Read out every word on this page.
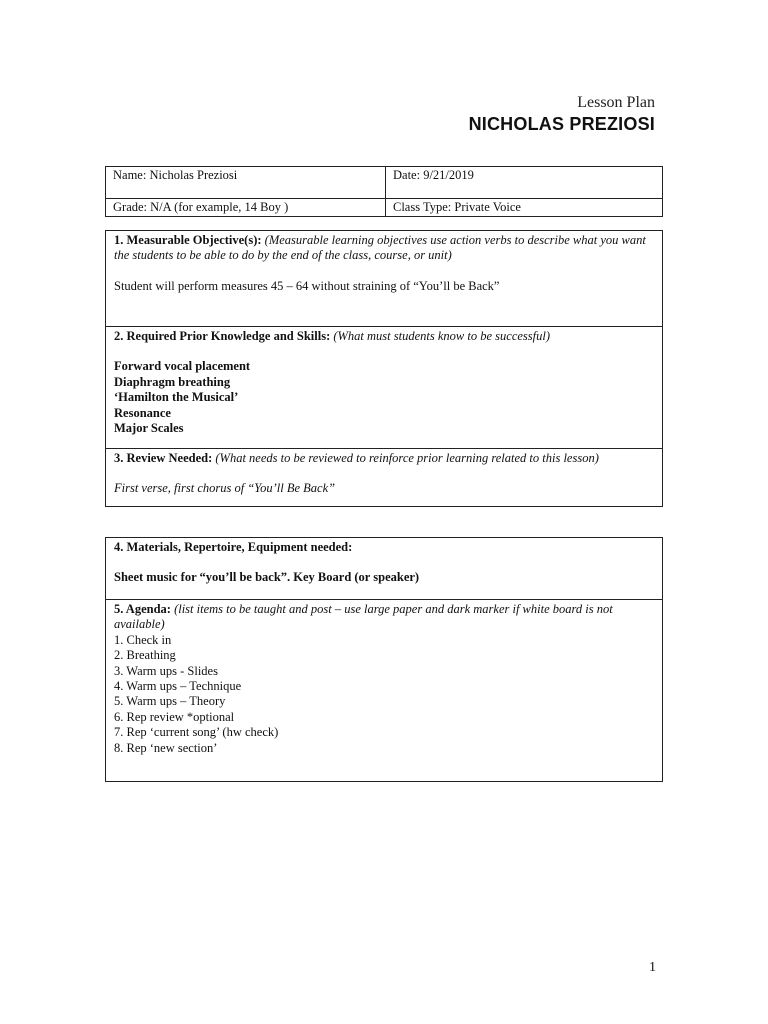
Lesson Plan
NICHOLAS PREZIOSI
Name: Nicholas Preziosi	Date: 9/21/2019
Grade: N/A (for example, 14 Boy )	Class Type: Private Voice
1. Measurable Objective(s): (Measurable learning objectives use action verbs to describe what you want the students to be able to do by the end of the class, course, or unit)
Student will perform measures 45 – 64 without straining of “You’ll be Back”
2. Required Prior Knowledge and Skills: (What must students know to be successful)
Forward vocal placement
Diaphragm breathing
‘Hamilton the Musical’
Resonance
Major Scales
3. Review Needed: (What needs to be reviewed to reinforce prior learning related to this lesson)
First verse, first chorus of “You’ll Be Back”
4. Materials, Repertoire, Equipment needed:
Sheet music for “you’ll be back”. Key Board (or speaker)
5. Agenda: (list items to be taught and post – use large paper and dark marker if white board is not available)
1. Check in
2. Breathing
3. Warm ups - Slides
4. Warm ups – Technique
5. Warm ups – Theory
6. Rep review *optional
7. Rep ‘current song’ (hw check)
8. Rep ‘new section’
1
